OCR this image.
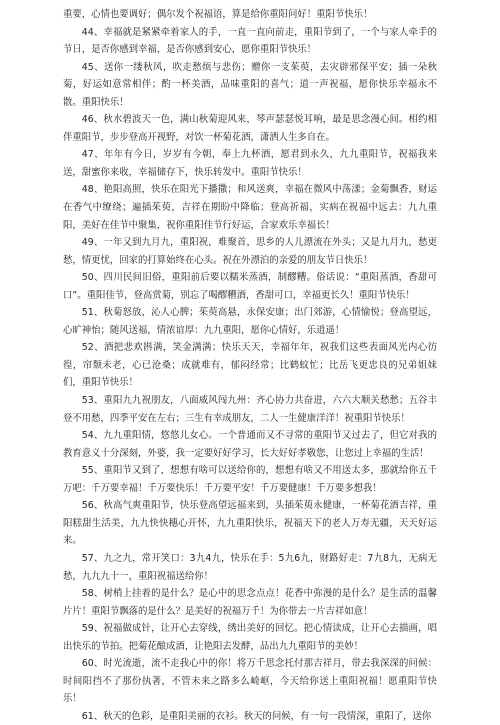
重要，心情也要调好；偶尔发个祝福语，算是给你重阳问好！重阳节快乐！

44、幸福就是紧紧牵着家人的手，一直一直向前走，重阳节到了，一个与家人牵手的节日，是否你感到幸福，是否你感到安心，愿你重阳节快乐！

45、送你一缕秋风，吹走愁烦与悲伤；赠你一支茱萸，去灾辟邪保平安；插一朵秋菊，好运如意常相伴；酌一杯美酒，品味重阳的喜气；道一声祝福，愿你快乐幸福永不散。重阳快乐！

46、秋水碧波天一色，满山秋菊迎风来，琴声瑟瑟悦耳响，最是思念漫心间。相约相伴重阳节，步步登高开视野，对饮一杯菊花酒，潇洒人生多自在。

47、年年有今日，岁岁有今朝，奉上九杯酒，愿君到永久，九九重阳节，祝福我来送，甜蜜你来收，幸福储存下，快乐转发中。重阳节快乐！

48、艳阳高照，快乐在阳光下播撒；和风送爽，幸福在微风中荡漾；金菊飘香，财运在香气中缭绕；遍插茱萸，吉祥在期盼中降临；登高祈福，实病在祝福中远去：九九重阳，美好在佳节中聚集，祝你重阳佳节行好运，合家欢乐幸福长！

49、一年又到九月九，重阳祝，难聚首，思乡的人儿漂流在外头；又是九月九，愁更愁，情更忧，回家的打算始终在心头。祝在外漂泊的亲爱的朋友节日快乐！

50、四川民间旧俗，重阳前后要以糯米蒸酒，制醪糟。俗话说：“重阳蒸酒，香甜可口”。重阳佳节，登高赏菊，别忘了喝醪糟酒，香甜可口，幸福更长久！重阳节快乐！

51、秋菊怒放，沁人心脾；茱萸高悬，永保安康；出门郊游，心情愉悦；登高望远，心旷神怡；随风送福，情浓谊厚：九九重阳，愿你心情好，乐逍遥！

52、酒把悲欢斟满，笑金满满；快乐天天，幸福年年，祝我们这些表面风光内心彷徨，帘颓未老，心已沧桑；成就难有，郁闷经常；比鹤蚊忙；比岳飞更忠良的兄弟姐妹们，重阳节快乐！

53、重阳九九祝朋友，八面威风闯九州：齐心协力共奋进，六六大顺关愁愁；五谷丰登不用愁，四季平安在左右；三生有幸成朋友，二人一生健康洋洋！祝重阳节快乐！

54、九九重阳情，悠悠儿女心。一个普通而又不寻常的重阳节又过去了，但它对我的教育意义十分深刻，外婆，我一定要好好学习，长大好好孝敬您，让您过上幸福的生活！

55、重阳节又到了，想想有啥可以送给你的，想想有啥又不用送太多，那就给你五千万吧：千万要幸福！千万要快乐！千万要平安！千万要健康！千万要多想我！

56、秋高气爽重阳节，快乐登高望远福来到，头插茱萸永健康，一杯菊花酒吉祥，重阳糕甜生活美，九九快快穗心开怀，九九重阳快乐，祝福天下的老人万寿无疆，天天好运来。

57、九之九，常开笑口：3九4九，快乐在手：5九6九，财路好走：7九8九，无病无愁，九九九十一，重阳祝福送给你！

58、树梢上挂着的是什么？是心中的思念点点！花香中弥漫的是什么？是生活的温馨片片！重阳节飘落的是什么？是美好的祝福万千！为你带去一片吉祥如意！

59、祝福做成针，让开心去穿线，绣出美好的回忆。把心情读成，让开心去描画，唱出快乐的节拍。把菊花酿成酒，让艳阳去发酵，品出九九重阳节的美妙！

60、时光流逝，流不走我心中的你！将万千思念托付那吉祥月，带去我深深的问候：时间阳挡不了那份执著，不管未来之路多么崎岖，今天给你送上重阳祝福！愿重阳节快乐！

61、秋天的色彩，是重阳美丽的衣衫。秋天的问候，有一句一段情深，重阳了，送你
